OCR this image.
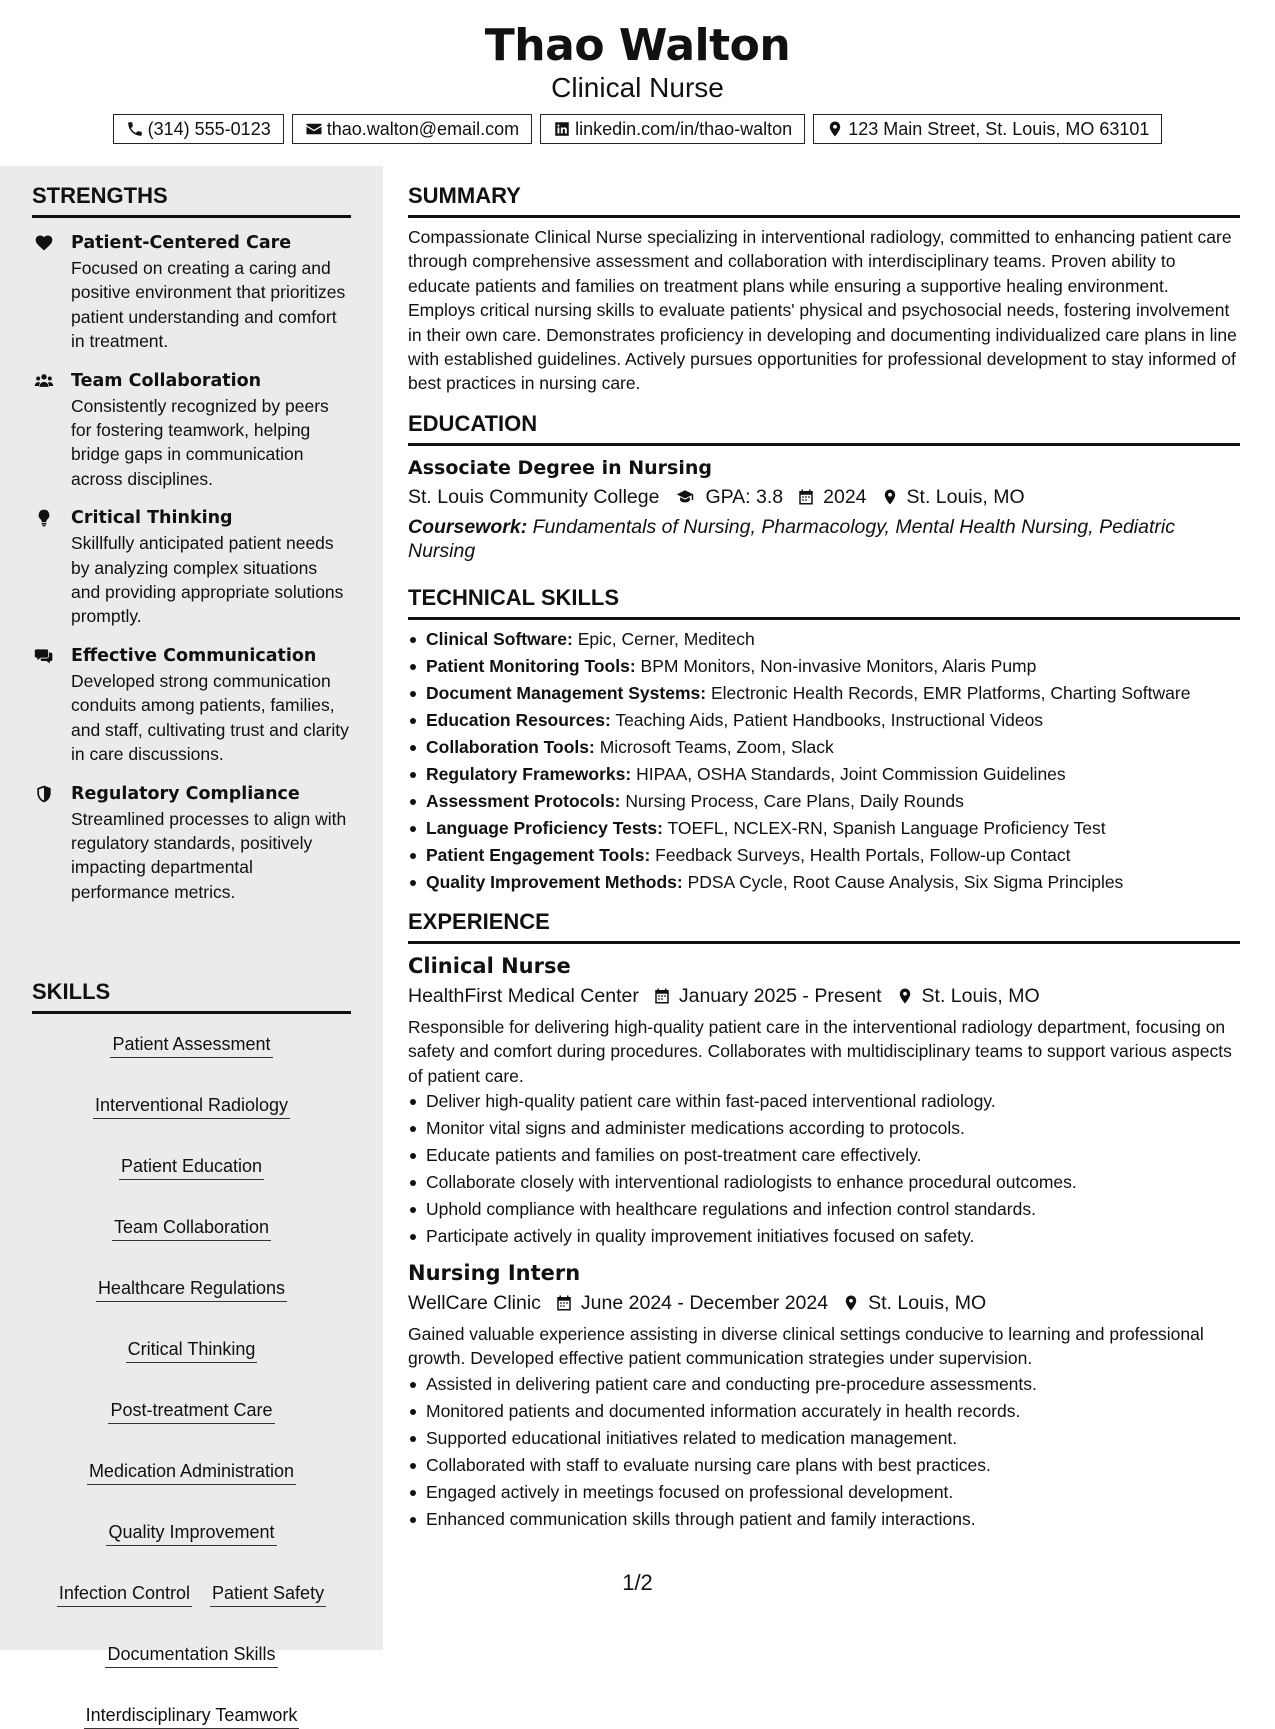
Thao Walton
Clinical Nurse
(314) 555-0123	thao.walton@email.com	linkedin.com/in/thao-walton	123 Main Street, St. Louis, MO 63101
STRENGTHS
Patient-Centered Care
Focused on creating a caring and positive environment that prioritizes patient understanding and comfort in treatment.
Team Collaboration
Consistently recognized by peers for fostering teamwork, helping bridge gaps in communication across disciplines.
Critical Thinking
Skillfully anticipated patient needs by analyzing complex situations and providing appropriate solutions promptly.
Effective Communication
Developed strong communication conduits among patients, families, and staff, cultivating trust and clarity in care discussions.
Regulatory Compliance
Streamlined processes to align with regulatory standards, positively impacting departmental performance metrics.
SKILLS
Patient Assessment
Interventional Radiology
Patient Education
Team Collaboration
Healthcare Regulations
Critical Thinking
Post-treatment Care
Medication Administration
Quality Improvement
Infection Control Patient Safety
Documentation Skills
Interdisciplinary Teamwork
SUMMARY
Compassionate Clinical Nurse specializing in interventional radiology, committed to enhancing patient care through comprehensive assessment and collaboration with interdisciplinary teams. Proven ability to educate patients and families on treatment plans while ensuring a supportive healing environment. Employs critical nursing skills to evaluate patients' physical and psychosocial needs, fostering involvement in their own care. Demonstrates proficiency in developing and documenting individualized care plans in line with established guidelines. Actively pursues opportunities for professional development to stay informed of best practices in nursing care.
EDUCATION
Associate Degree in Nursing
St. Louis Community College GPA: 3.8 2024 St. Louis, MO
Coursework: Fundamentals of Nursing, Pharmacology, Mental Health Nursing, Pediatric Nursing
TECHNICAL SKILLS
Clinical Software: Epic, Cerner, Meditech
Patient Monitoring Tools: BPM Monitors, Non-invasive Monitors, Alaris Pump
Document Management Systems: Electronic Health Records, EMR Platforms, Charting Software
Education Resources: Teaching Aids, Patient Handbooks, Instructional Videos
Collaboration Tools: Microsoft Teams, Zoom, Slack
Regulatory Frameworks: HIPAA, OSHA Standards, Joint Commission Guidelines
Assessment Protocols: Nursing Process, Care Plans, Daily Rounds
Language Proficiency Tests: TOEFL, NCLEX-RN, Spanish Language Proficiency Test
Patient Engagement Tools: Feedback Surveys, Health Portals, Follow-up Contact
Quality Improvement Methods: PDSA Cycle, Root Cause Analysis, Six Sigma Principles
EXPERIENCE
Clinical Nurse
HealthFirst Medical Center January 2025 - Present St. Louis, MO
Responsible for delivering high-quality patient care in the interventional radiology department, focusing on safety and comfort during procedures. Collaborates with multidisciplinary teams to support various aspects of patient care.
Deliver high-quality patient care within fast-paced interventional radiology.
Monitor vital signs and administer medications according to protocols.
Educate patients and families on post-treatment care effectively.
Collaborate closely with interventional radiologists to enhance procedural outcomes.
Uphold compliance with healthcare regulations and infection control standards.
Participate actively in quality improvement initiatives focused on safety.
Nursing Intern
WellCare Clinic June 2024 - December 2024 St. Louis, MO
Gained valuable experience assisting in diverse clinical settings conducive to learning and professional growth. Developed effective patient communication strategies under supervision.
Assisted in delivering patient care and conducting pre-procedure assessments.
Monitored patients and documented information accurately in health records.
Supported educational initiatives related to medication management.
Collaborated with staff to evaluate nursing care plans with best practices.
Engaged actively in meetings focused on professional development.
Enhanced communication skills through patient and family interactions.
1/2
